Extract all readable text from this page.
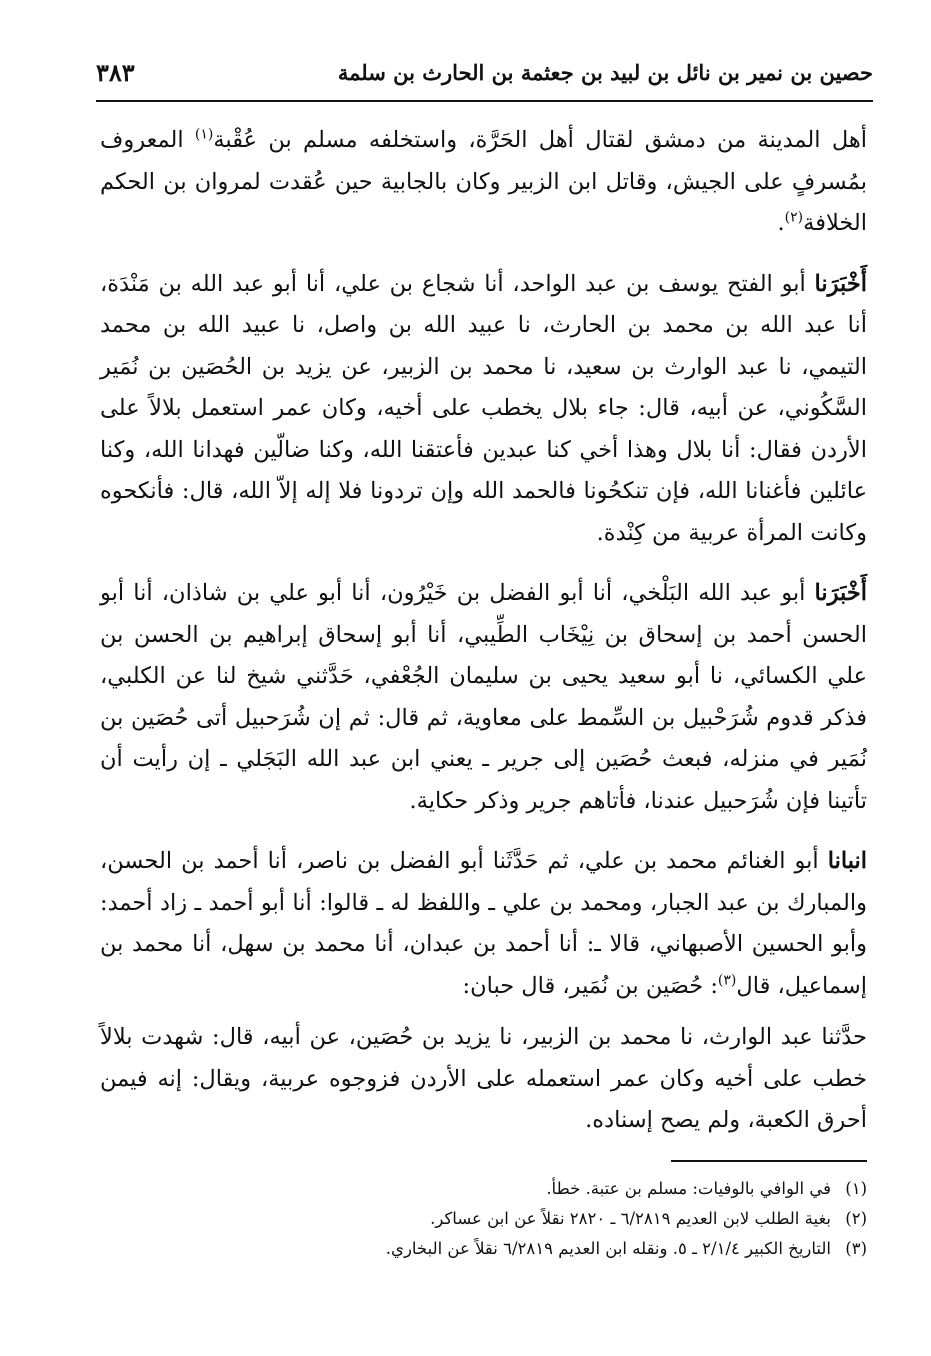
حصين بن نمير بن نائل بن لبيد بن جعثمة بن الحارث بن سلمة
٣٨٣

أهل المدينة من دمشق لقتال أهل الحَرَّة، واستخلفه مسلم بن عُقْبة$^{(١)}$ المعروف بمُسرفٍ على الجيش، وقاتل ابن الزبير وكان بالجابية حين عُقدت لمروان بن الحكم الخلافة$^{(٢)}$.

أَخْبَرَنا أبو الفتح يوسف بن عبد الواحد، أنا شجاع بن علي، أنا أبو عبد الله بن مَنْدَة، أنا عبد الله بن محمد بن الحارث، نا عبيد الله بن واصل، نا عبيد الله بن محمد التيمي، نا عبد الوارث بن سعيد، نا محمد بن الزبير، عن يزيد بن الحُصَين بن نُمَير السَّكُوني، عن أبيه، قال: جاء بلال يخطب على أخيه، وكان عمر استعمل بلالاً على الأردن فقال: أنا بلال وهذا أخي كنا عبدين فأعتقنا الله، وكنا ضالّين فهدانا الله، وكنا عائلين فأغنانا الله، فإن تنكحُونا فالحمد الله وإن تردونا فلا إله إلاّ الله، قال: فأنكحوه وكانت المرأة عربية من كِنْدة.

أَخْبَرَنا أبو عبد الله البَلْخي، أنا أبو الفضل بن خَيْرُون، أنا أبو علي بن شاذان، أنا أبو الحسن أحمد بن إسحاق بن نِيْخَاب الطِّيبي، أنا أبو إسحاق إبراهيم بن الحسن بن علي الكسائي، نا أبو سعيد يحيى بن سليمان الجُعْفي، حَدَّثني شيخ لنا عن الكلبي، فذكر قدوم شُرَحْبيل بن السِّمط على معاوية، ثم قال: ثم إن شُرَحبيل أتى حُصَين بن نُمَير في منزله، فبعث حُصَين إلى جرير ـ يعني ابن عبد الله البَجَلي ـ إن رأيت أن تأتينا فإن شُرَحبيل عندنا، فأتاهم جرير وذكر حكاية.

انبانا أبو الغنائم محمد بن علي، ثم حَدَّثَنا أبو الفضل بن ناصر، أنا أحمد بن الحسن، والمبارك بن عبد الجبار، ومحمد بن علي ـ واللفظ له ـ قالوا: أنا أبو أحمد ـ زاد أحمد: وأبو الحسين الأصبهاني، قالا ـ: أنا أحمد بن عبدان، أنا محمد بن سهل، أنا محمد بن إسماعيل، قال$^{(٣)}$: حُصَين بن نُمَير، قال حبان:

حدَّثنا عبد الوارث، نا محمد بن الزبير، نا يزيد بن حُصَين، عن أبيه، قال: شهدت بلالاً خطب على أخيه وكان عمر استعمله على الأردن فزوجوه عربية، ويقال: إنه فيمن أحرق الكعبة، ولم يصح إسناده.

(١)في الوافي بالوفيات: مسلم بن عتبة. خطأ.

(٢)بغية الطلب لابن العديم ٦/٢٨١٩ ـ ٢٨٢٠ نقلاً عن ابن عساكر.

(٣)التاريخ الكبير ٢/١/٤ ـ ٥. ونقله ابن العديم ٦/٢٨١٩ نقلاً عن البخاري.
